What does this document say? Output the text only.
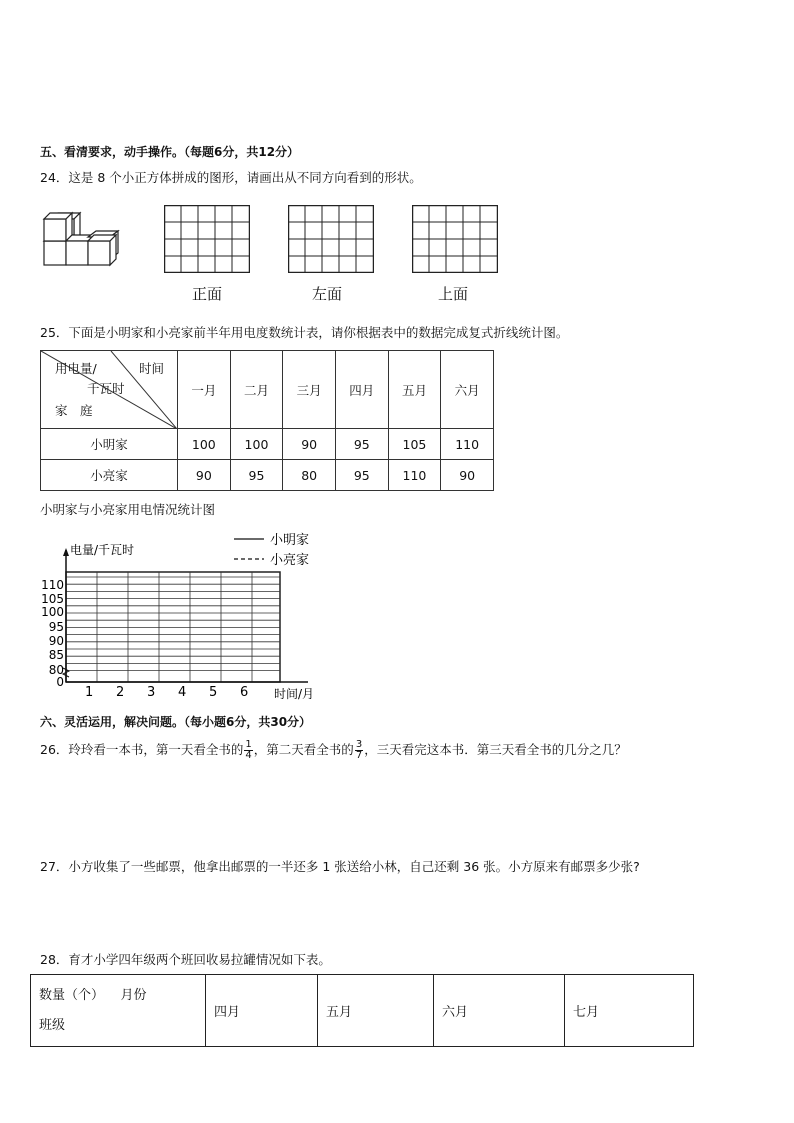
五、看清要求，动手操作。（每题6分，共12分）
24．这是 8 个小正方体拼成的图形，请画出从不同方向看到的形状。
正面	左面	上面
25．下面是小明家和小亮家前半年用电度数统计表，请你根据表中的数据完成复式折线统计图。
用电量/ 时间
千瓦时
家　庭	一月	二月	三月	四月	五月	六月
小明家	100	100	90	95	105	110
小亮家	90	95	80	95	110	90
小明家与小亮家用电情况统计图
电量/千瓦时
时间/月
1 2 3 4 5 6
0
80
85
90
95
100
105
110
小明家
小亮家
六、灵活运用，解决问题。（每小题6分，共30分）
26．玲玲看一本书，第一天看全书的 $\frac{1}{4}$ ，第二天看全书的 $\frac{3}{7}$ ，三天看完这本书．第三天看全书的几分之几？
27．小方收集了一些邮票，他拿出邮票的一半还多 1 张送给小林，自己还剩 36 张。小方原来有邮票多少张?
28．育才小学四年级两个班回收易拉罐情况如下表。
数量（个） 月份
班级
	四月	五月	六月	七月
